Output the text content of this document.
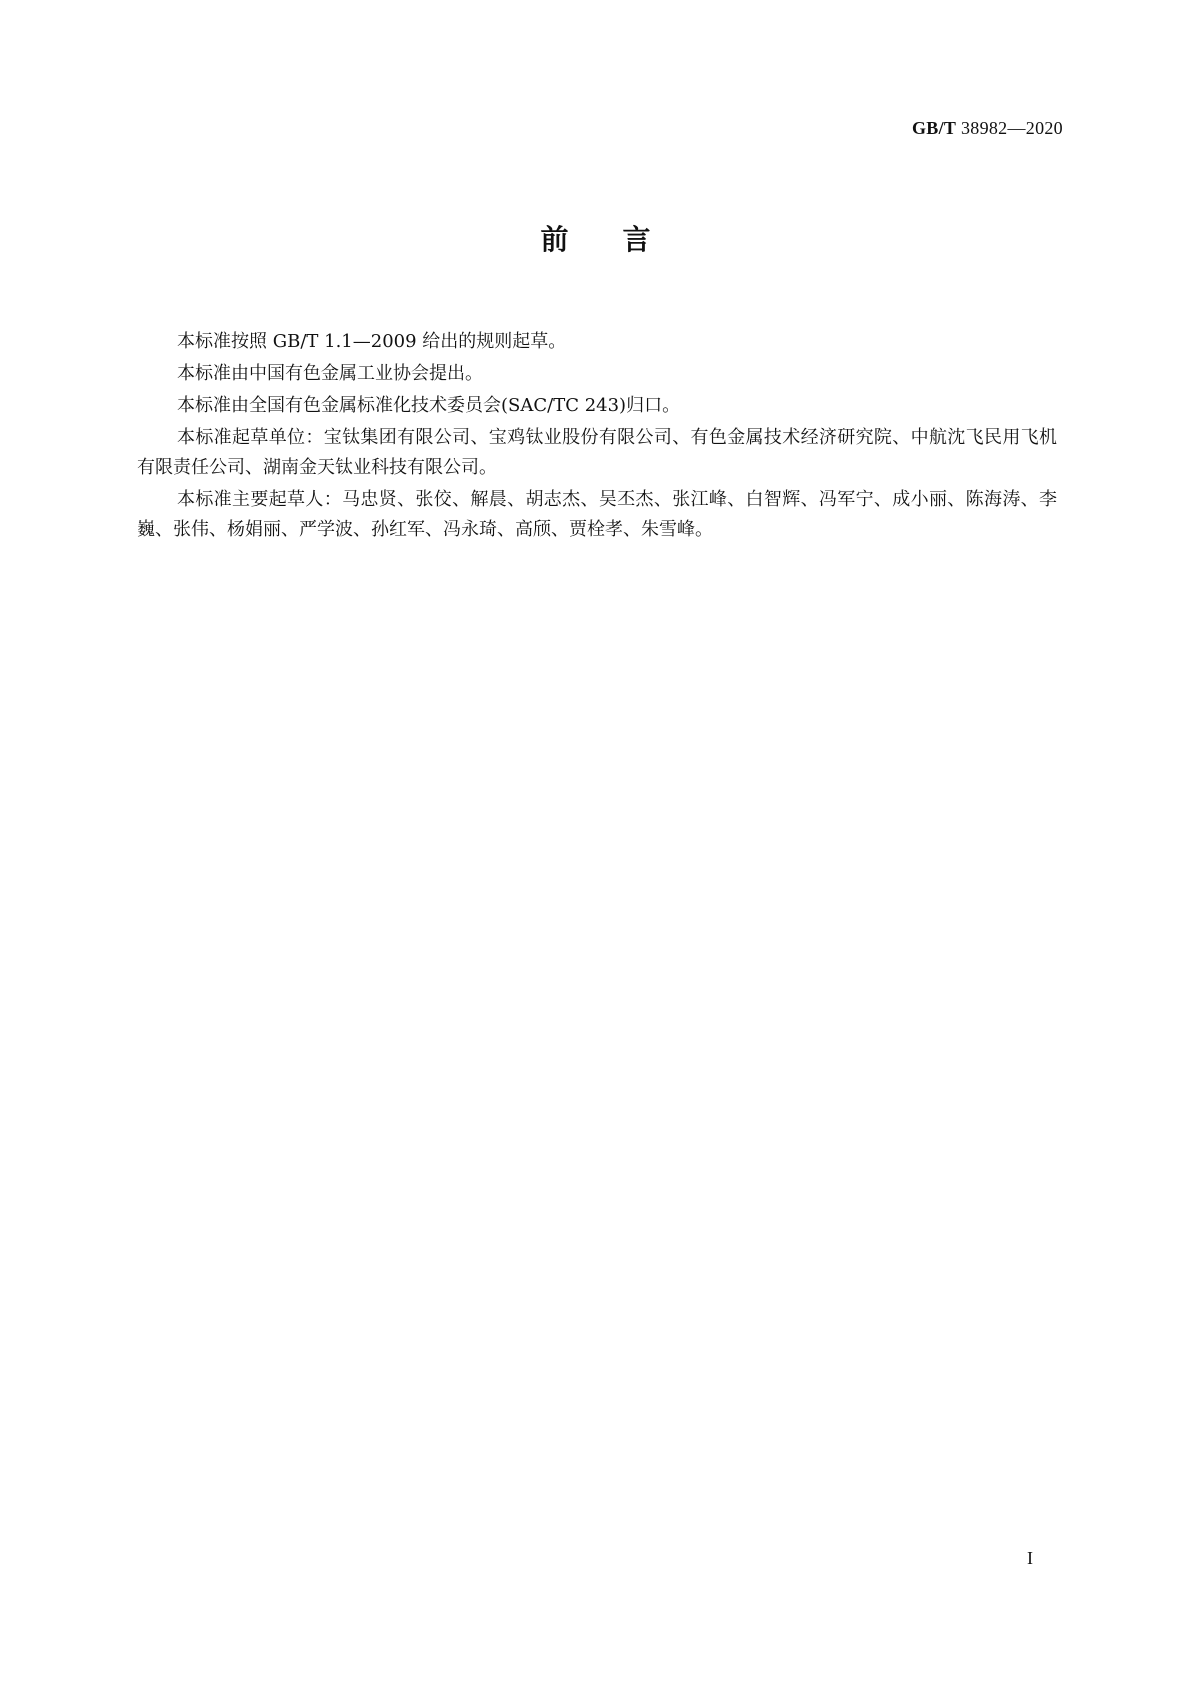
GB/T 38982—2020
前言

本标准按照 GB/T 1.1—2009 给出的规则起草。

本标准由中国有色金属工业协会提出。

本标准由全国有色金属标准化技术委员会(SAC/TC 243)归口。

本标准起草单位：宝钛集团有限公司、宝鸡钛业股份有限公司、有色金属技术经济研究院、中航沈飞民用飞机有限责任公司、湖南金天钛业科技有限公司。

本标准主要起草人：马忠贤、张佼、解晨、胡志杰、吴丕杰、张江峰、白智辉、冯军宁、成小丽、陈海涛、李巍、张伟、杨娟丽、严学波、孙红军、冯永琦、高颀、贾栓孝、朱雪峰。

I
